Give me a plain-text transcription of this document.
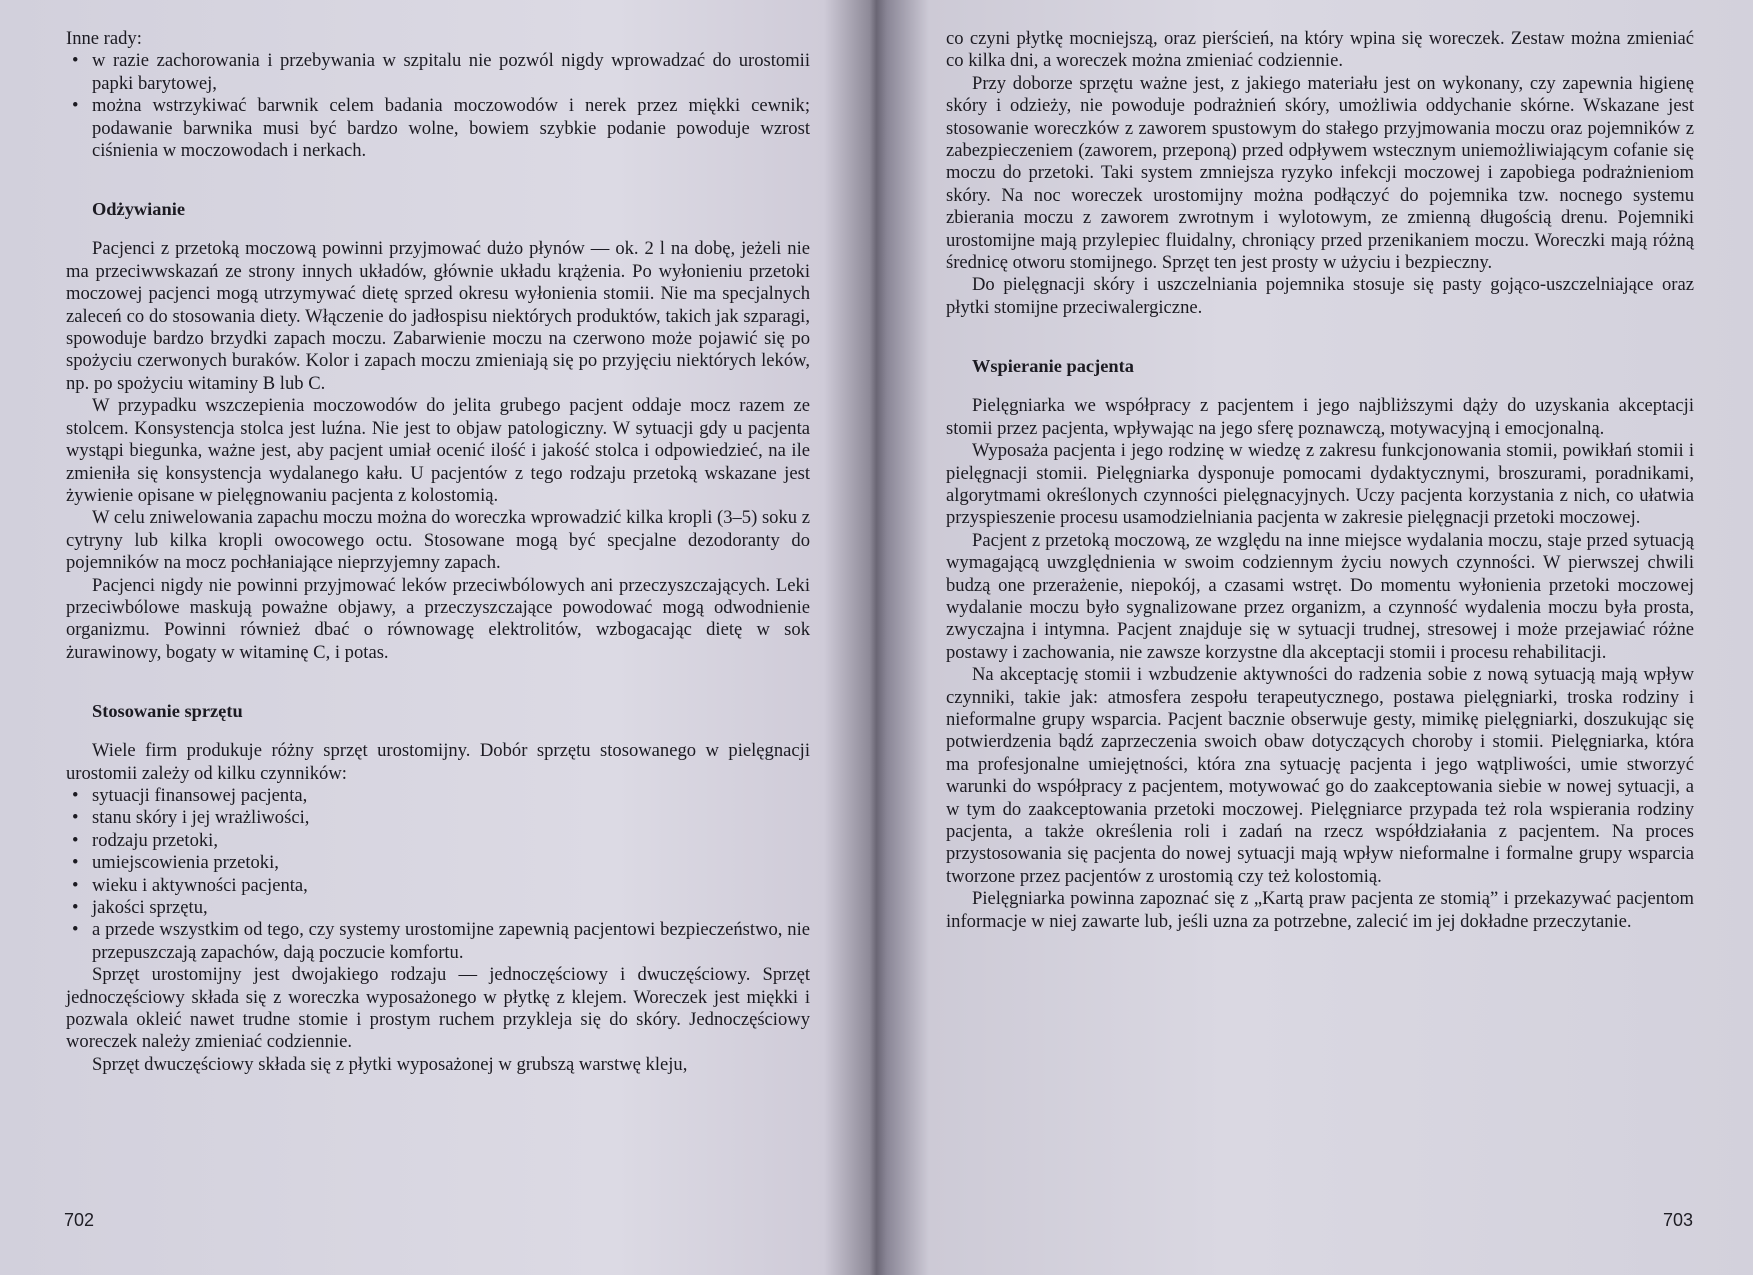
Inne rady:

• w razie zachorowania i przebywania w szpitalu nie pozwól nigdy wprowadzać do urostomii papki barytowej,
• można wstrzykiwać barwnik celem badania moczowodów i nerek przez miękki cewnik; podawanie barwnika musi być bardzo wolne, bowiem szybkie podanie powoduje wzrost ciśnienia w moczowodach i nerkach.
Odżywianie

Pacjenci z przetoką moczową powinni przyjmować dużo płynów — ok. 2 l na dobę, jeżeli nie ma przeciwwskazań ze strony innych układów, głównie układu krążenia. Po wyłonieniu przetoki moczowej pacjenci mogą utrzymywać dietę sprzed okresu wyłonienia stomii. Nie ma specjalnych zaleceń co do stosowania diety. Włączenie do jadłospisu niektórych produktów, takich jak szparagi, spowoduje bardzo brzydki zapach moczu. Zabarwienie moczu na czerwono może pojawić się po spożyciu czerwonych buraków. Kolor i zapach moczu zmieniają się po przyjęciu niektórych leków, np. po spożyciu witaminy B lub C.

W przypadku wszczepienia moczowodów do jelita grubego pacjent oddaje mocz razem ze stolcem. Konsystencja stolca jest luźna. Nie jest to objaw patologiczny. W sytuacji gdy u pacjenta wystąpi biegunka, ważne jest, aby pacjent umiał ocenić ilość i jakość stolca i odpowiedzieć, na ile zmieniła się konsystencja wydalanego kału. U pacjentów z tego rodzaju przetoką wskazane jest żywienie opisane w pielęgnowaniu pacjenta z kolostomią.

W celu zniwelowania zapachu moczu można do woreczka wprowadzić kilka kropli (3–5) soku z cytryny lub kilka kropli owocowego octu. Stosowane mogą być specjalne dezodoranty do pojemników na mocz pochłaniające nieprzyjemny zapach.

Pacjenci nigdy nie powinni przyjmować leków przeciwbólowych ani przeczyszczających. Leki przeciwbólowe maskują poważne objawy, a przeczyszczające powodować mogą odwodnienie organizmu. Powinni również dbać o równowagę elektrolitów, wzbogacając dietę w sok żurawinowy, bogaty w witaminę C, i potas.

Stosowanie sprzętu

Wiele firm produkuje różny sprzęt urostomijny. Dobór sprzętu stosowanego w pielęgnacji urostomii zależy od kilku czynników:

• sytuacji finansowej pacjenta,
• stanu skóry i jej wrażliwości,
• rodzaju przetoki,
• umiejscowienia przetoki,
• wieku i aktywności pacjenta,
• jakości sprzętu,
• a przede wszystkim od tego, czy systemy urostomijne zapewnią pacjentowi bezpieczeństwo, nie przepuszczają zapachów, dają poczucie komfortu.

Sprzęt urostomijny jest dwojakiego rodzaju — jednoczęściowy i dwuczęściowy. Sprzęt jednoczęściowy składa się z woreczka wyposażonego w płytkę z klejem. Woreczek jest miękki i pozwala okleić nawet trudne stomie i prostym ruchem przykleja się do skóry. Jednoczęściowy woreczek należy zmieniać codziennie.

Sprzęt dwuczęściowy składa się z płytki wyposażonej w grubszą warstwę kleju,

702

co czyni płytkę mocniejszą, oraz pierścień, na który wpina się woreczek. Zestaw można zmieniać co kilka dni, a woreczek można zmieniać codziennie.

Przy doborze sprzętu ważne jest, z jakiego materiału jest on wykonany, czy zapewnia higienę skóry i odzieży, nie powoduje podrażnień skóry, umożliwia oddychanie skórne. Wskazane jest stosowanie woreczków z zaworem spustowym do stałego przyjmowania moczu oraz pojemników z zabezpieczeniem (zaworem, przeponą) przed odpływem wstecznym uniemożliwiającym cofanie się moczu do przetoki. Taki system zmniejsza ryzyko infekcji moczowej i zapobiega podrażnieniom skóry. Na noc woreczek urostomijny można podłączyć do pojemnika tzw. nocnego systemu zbierania moczu z zaworem zwrotnym i wylotowym, ze zmienną długością drenu. Pojemniki urostomijne mają przylepiec fluidalny, chroniący przed przenikaniem moczu. Woreczki mają różną średnicę otworu stomijnego. Sprzęt ten jest prosty w użyciu i bezpieczny.

Do pielęgnacji skóry i uszczelniania pojemnika stosuje się pasty gojąco-uszczelniające oraz płytki stomijne przeciwalergiczne.

Wspieranie pacjenta

Pielęgniarka we współpracy z pacjentem i jego najbliższymi dąży do uzyskania akceptacji stomii przez pacjenta, wpływając na jego sferę poznawczą, motywacyjną i emocjonalną.

Wyposaża pacjenta i jego rodzinę w wiedzę z zakresu funkcjonowania stomii, powikłań stomii i pielęgnacji stomii. Pielęgniarka dysponuje pomocami dydaktycznymi, broszurami, poradnikami, algorytmami określonych czynności pielęgnacyjnych. Uczy pacjenta korzystania z nich, co ułatwia przyspieszenie procesu usamodzielniania pacjenta w zakresie pielęgnacji przetoki moczowej.

Pacjent z przetoką moczową, ze względu na inne miejsce wydalania moczu, staje przed sytuacją wymagającą uwzględnienia w swoim codziennym życiu nowych czynności. W pierwszej chwili budzą one przerażenie, niepokój, a czasami wstręt. Do momentu wyłonienia przetoki moczowej wydalanie moczu było sygnalizowane przez organizm, a czynność wydalenia moczu była prosta, zwyczajna i intymna. Pacjent znajduje się w sytuacji trudnej, stresowej i może przejawiać różne postawy i zachowania, nie zawsze korzystne dla akceptacji stomii i procesu rehabilitacji.

Na akceptację stomii i wzbudzenie aktywności do radzenia sobie z nową sytuacją mają wpływ czynniki, takie jak: atmosfera zespołu terapeutycznego, postawa pielęgniarki, troska rodziny i nieformalne grupy wsparcia. Pacjent bacznie obserwuje gesty, mimikę pielęgniarki, doszukując się potwierdzenia bądź zaprzeczenia swoich obaw dotyczących choroby i stomii. Pielęgniarka, która ma profesjonalne umiejętności, która zna sytuację pacjenta i jego wątpliwości, umie stworzyć warunki do współpracy z pacjentem, motywować go do zaakceptowania siebie w nowej sytuacji, a w tym do zaakceptowania przetoki moczowej. Pielęgniarce przypada też rola wspierania rodziny pacjenta, a także określenia roli i zadań na rzecz współdziałania z pacjentem. Na proces przystosowania się pacjenta do nowej sytuacji mają wpływ nieformalne i formalne grupy wsparcia tworzone przez pacjentów z urostomią czy też kolostomią.

Pielęgniarka powinna zapoznać się z „Kartą praw pacjenta ze stomią” i przekazywać pacjentom informacje w niej zawarte lub, jeśli uzna za potrzebne, zalecić im jej dokładne przeczytanie.

703
